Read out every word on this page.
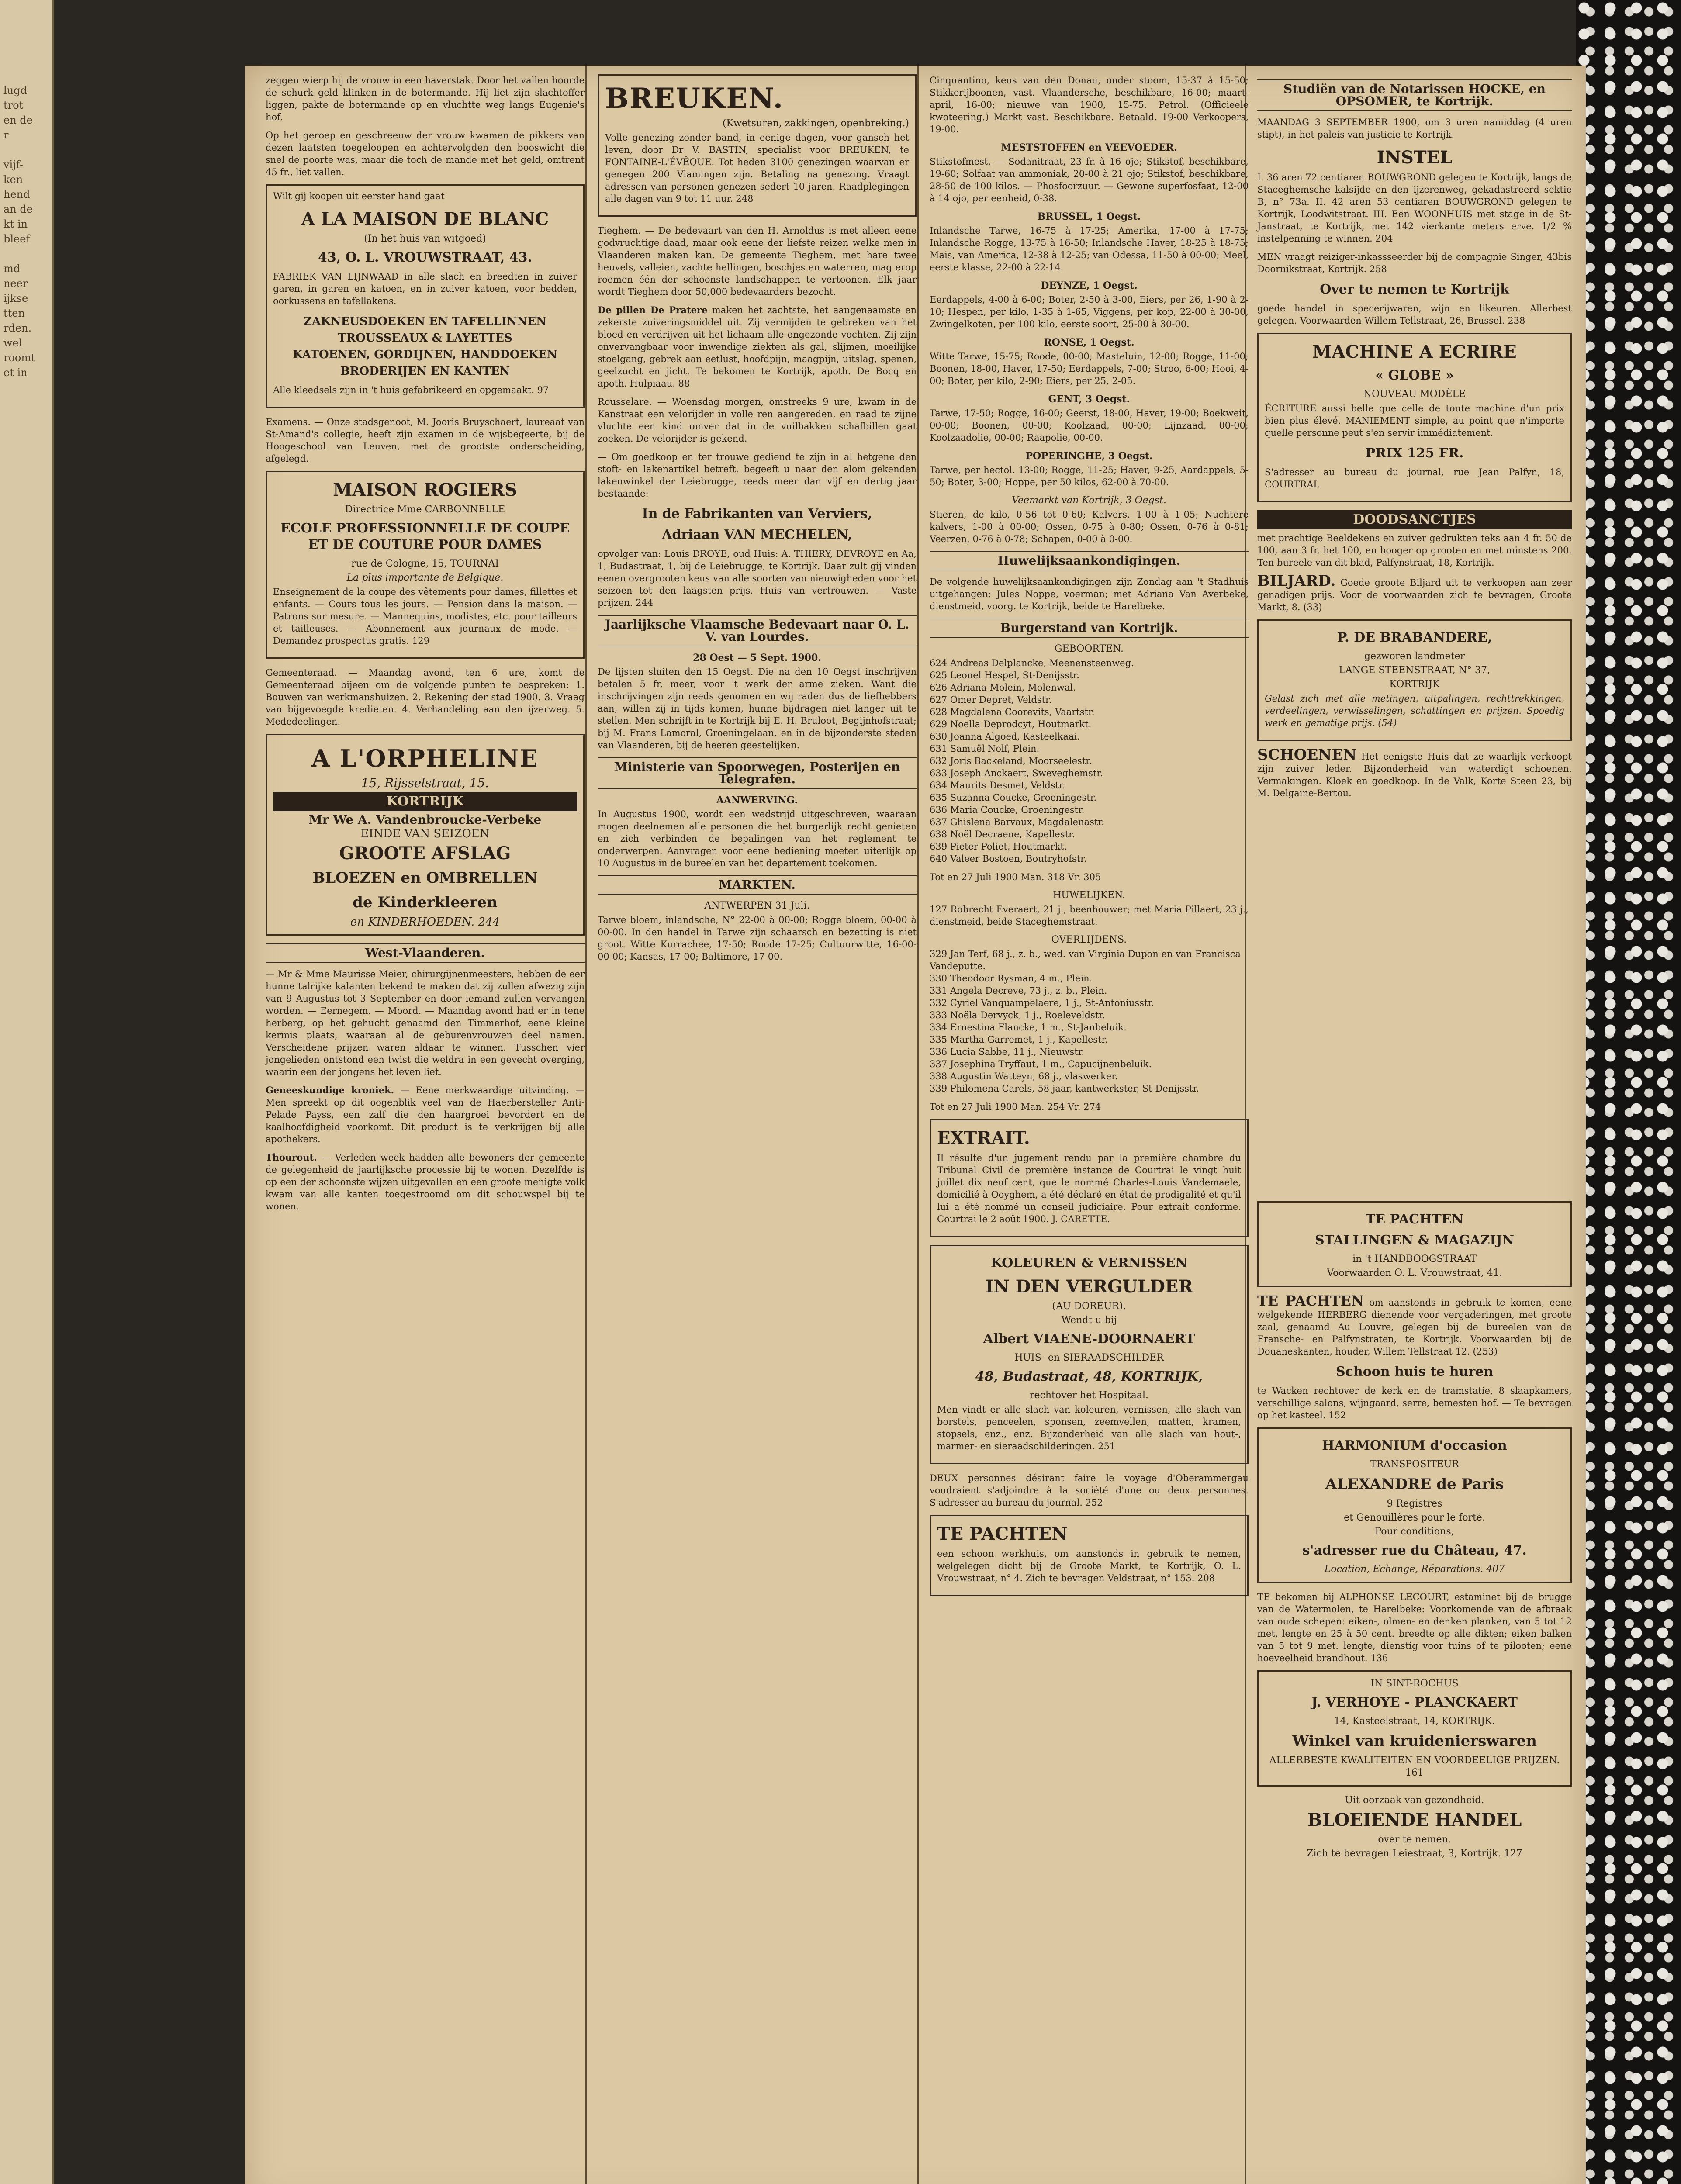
lugd
trot
en de
r

vijf-
ken
hend
an de
kt in
bleef

md
neer
ijkse
tten
rden.
wel
roomt
et in

zeggen wierp hij de vrouw in een haverstak. Door het vallen hoorde de schurk geld klinken in de botermande. Hij liet zijn slachtoffer liggen, pakte de botermande op en vluchtte weg langs Eugenie's hof.

Op het geroep en geschreeuw der vrouw kwamen de pikkers van dezen laatsten toegeloopen en achtervolgden den booswicht die snel de poorte was, maar die toch de mande met het geld, omtrent 45 fr., liet vallen.

Wilt gij koopen uit eerster hand gaat

A LA MAISON DE BLANC
(In het huis van witgoed)
43, O. L. VROUWSTRAAT, 43.

FABRIEK VAN LIJNWAAD in alle slach en breedten in zuiver garen, in garen en katoen, en in zuiver katoen, voor bedden, oorkussens en tafellakens.

ZAKNEUSDOEKEN EN TAFELLINNEN
TROUSSEAUX & LAYETTES
KATOENEN, GORDIJNEN, HANDDOEKEN
BRODERIJEN EN KANTEN

Alle kleedsels zijn in 't huis gefabrikeerd en opgemaakt. 97

Examens. — Onze stadsgenoot, M. Jooris Bruyschaert, laureaat van St-Amand's collegie, heeft zijn examen in de wijsbegeerte, bij de Hoogeschool van Leuven, met de grootste onderscheiding, afgelegd.

MAISON ROGIERS
Directrice Mme CARBONNELLE
ECOLE PROFESSIONNELLE DE COUPE ET DE COUTURE POUR DAMES
rue de Cologne, 15, TOURNAI
La plus importante de Belgique.

Enseignement de la coupe des vêtements pour dames, fillettes et enfants. — Cours tous les jours. — Pension dans la maison. — Patrons sur mesure. — Mannequins, modistes, etc. pour tailleurs et tailleuses. — Abonnement aux journaux de mode. — Demandez prospectus gratis. 129

Gemeenteraad. — Maandag avond, ten 6 ure, komt de Gemeenteraad bijeen om de volgende punten te bespreken: 1. Bouwen van werkmanshuizen. 2. Rekening der stad 1900. 3. Vraag van bijgevoegde kredieten. 4. Verhandeling aan den ijzerweg. 5. Mededeelingen.

A L'ORPHELINE
15, Rijsselstraat, 15.
KORTRIJK
Mr We A. Vandenbroucke-Verbeke
EINDE VAN SEIZOEN
GROOTE AFSLAG
BLOEZEN en OMBRELLEN
de Kinderkleeren
en KINDERHOEDEN. 244
West-Vlaanderen.

— Mr & Mme Maurisse Meier, chirurgijnenmeesters, hebben de eer hunne talrijke kalanten bekend te maken dat zij zullen afwezig zijn van 9 Augustus tot 3 September en door iemand zullen vervangen worden. — Eernegem. — Moord. — Maandag avond had er in tene herberg, op het gehucht genaamd den Timmerhof, eene kleine kermis plaats, waaraan al de geburenvrouwen deel namen. Verscheidene prijzen waren aldaar te winnen. Tusschen vier jongelieden ontstond een twist die weldra in een gevecht overging, waarin een der jongens het leven liet.

Geneeskundige kroniek. — Eene merkwaardige uitvinding. — Men spreekt op dit oogenblik veel van de Haerbersteller Anti-Pelade Payss, een zalf die den haargroei bevordert en de kaalhoofdigheid voorkomt. Dit product is te verkrijgen bij alle apothekers.

Thourout. — Verleden week hadden alle bewoners der gemeente de gelegenheid de jaarlijksche processie bij te wonen. Dezelfde is op een der schoonste wijzen uitgevallen en een groote menigte volk kwam van alle kanten toegestroomd om dit schouwspel bij te wonen.

BREUKEN.
(Kwetsuren, zakkingen, openbreking.)

Volle genezing zonder band, in eenige dagen, voor gansch het leven, door Dr V. BASTIN, specialist voor BREUKEN, te FONTAINE-L'ÉVÊQUE. Tot heden 3100 genezingen waarvan er genegen 200 Vlamingen zijn. Betaling na genezing. Vraagt adressen van personen genezen sedert 10 jaren. Raadplegingen alle dagen van 9 tot 11 uur. 248

Tieghem. — De bedevaart van den H. Arnoldus is met alleen eene godvruchtige daad, maar ook eene der liefste reizen welke men in Vlaanderen maken kan. De gemeente Tieghem, met hare twee heuvels, valleien, zachte hellingen, boschjes en waterren, mag erop roemen één der schoonste landschappen te vertoonen. Elk jaar wordt Tieghem door 50,000 bedevaarders bezocht.

De pillen De Pratere maken het zachtste, het aangenaamste en zekerste zuiveringsmiddel uit. Zij vermijden te gebreken van het bloed en verdrijven uit het lichaam alle ongezonde vochten. Zij zijn onvervangbaar voor inwendige ziekten als gal, slijmen, moeilijke stoelgang, gebrek aan eetlust, hoofdpijn, maagpijn, uitslag, spenen, geelzucht en jicht. Te bekomen te Kortrijk, apoth. De Bocq en apoth. Hulpiaau. 88

Rousselare. — Woensdag morgen, omstreeks 9 ure, kwam in de Kanstraat een velorijder in volle ren aangereden, en raad te zijne vluchte een kind omver dat in de vuilbakken schafbillen gaat zoeken. De velorijder is gekend.

— Om goedkoop en ter trouwe gediend te zijn in al hetgene den stoft- en lakenartikel betreft, begeeft u naar den alom gekenden lakenwinkel der Leiebrugge, reeds meer dan vijf en dertig jaar bestaande:

In de Fabrikanten van Verviers,
Adriaan VAN MECHELEN,

opvolger van: Louis DROYE, oud Huis: A. THIERY, DEVROYE en Aa, 1, Budastraat, 1, bij de Leiebrugge, te Kortrijk. Daar zult gij vinden eenen overgrooten keus van alle soorten van nieuwigheden voor het seizoen tot den laagsten prijs. Huis van vertrouwen. — Vaste prijzen. 244

Jaarlijksche Vlaamsche Bedevaart naar O. L. V. van Lourdes.
28 Oest — 5 Sept. 1900.

De lijsten sluiten den 15 Oegst. Die na den 10 Oegst inschrijven betalen 5 fr. meer, voor 't werk der arme zieken. Want die inschrijvingen zijn reeds genomen en wij raden dus de liefhebbers aan, willen zij in tijds komen, hunne bijdragen niet langer uit te stellen. Men schrijft in te Kortrijk bij E. H. Bruloot, Begijnhofstraat; bij M. Frans Lamoral, Groeningelaan, en in de bijzonderste steden van Vlaanderen, bij de heeren geestelijken.

Ministerie van Spoorwegen, Posterijen en Telegrafen.
AANWERVING.

In Augustus 1900, wordt een wedstrijd uitgeschreven, waaraan mogen deelnemen alle personen die het burgerlijk recht genieten en zich verbinden de bepalingen van het reglement te onderwerpen. Aanvragen voor eene bediening moeten uiterlijk op 10 Augustus in de bureelen van het departement toekomen.

MARKTEN.
ANTWERPEN 31 Juli.

Tarwe bloem, inlandsche, N° 22-00 à 00-00; Rogge bloem, 00-00 à 00-00. In den handel in Tarwe zijn schaarsch en bezetting is niet groot. Witte Kurrachee, 17-50; Roode 17-25; Cultuurwitte, 16-00-00-00; Kansas, 17-00; Baltimore, 17-00.

Cinquantino, keus van den Donau, onder stoom, 15-37 à 15-50; Stikkerijboonen, vast. Vlaandersche, beschikbare, 16-00; maart-april, 16-00; nieuwe van 1900, 15-75. Petrol. (Officieele kwoteering.) Markt vast. Beschikbare. Betaald. 19-00 Verkoopers, 19-00.

MESTSTOFFEN en VEEVOEDER.

Stikstofmest. — Sodanitraat, 23 fr. à 16 ojo; Stikstof, beschikbare, 19-60; Solfaat van ammoniak, 20-00 à 21 ojo; Stikstof, beschikbare, 28-50 de 100 kilos. — Phosfoorzuur. — Gewone superfosfaat, 12-00 à 14 ojo, per eenheid, 0-38.

BRUSSEL, 1 Oegst.

Inlandsche Tarwe, 16-75 à 17-25; Amerika, 17-00 à 17-75; Inlandsche Rogge, 13-75 à 16-50; Inlandsche Haver, 18-25 à 18-75; Mais, van America, 12-38 à 12-25; van Odessa, 11-50 à 00-00; Meel, eerste klasse, 22-00 à 22-14.

DEYNZE, 1 Oegst.

Eerdappels, 4-00 à 6-00; Boter, 2-50 à 3-00, Eiers, per 26, 1-90 à 2-10; Hespen, per kilo, 1-35 à 1-65, Viggens, per kop, 22-00 à 30-00, Zwingelkoten, per 100 kilo, eerste soort, 25-00 à 30-00.

RONSE, 1 Oegst.

Witte Tarwe, 15-75; Roode, 00-00; Masteluin, 12-00; Rogge, 11-00; Boonen, 18-00, Haver, 17-50; Eerdappels, 7-00; Stroo, 6-00; Hooi, 4-00; Boter, per kilo, 2-90; Eiers, per 25, 2-05.

GENT, 3 Oegst.

Tarwe, 17-50; Rogge, 16-00; Geerst, 18-00, Haver, 19-00; Boekweit, 00-00; Boonen, 00-00; Koolzaad, 00-00; Lijnzaad, 00-00; Koolzaadolie, 00-00; Raapolie, 00-00.

POPERINGHE, 3 Oegst.

Tarwe, per hectol. 13-00; Rogge, 11-25; Haver, 9-25, Aardappels, 5-50; Boter, 3-00; Hoppe, per 50 kilos, 62-00 à 70-00.

Veemarkt van Kortrijk, 3 Oegst.

Stieren, de kilo, 0-56 tot 0-60; Kalvers, 1-00 à 1-05; Nuchtere kalvers, 1-00 à 00-00; Ossen, 0-75 à 0-80; Ossen, 0-76 à 0-81; Veerzen, 0-76 à 0-78; Schapen, 0-00 à 0-00.

Huwelijksaankondigingen.

De volgende huwelijksaankondigingen zijn Zondag aan 't Stadhuis uitgehangen: Jules Noppe, voerman; met Adriana Van Averbeke, dienstmeid, voorg. te Kortrijk, beide te Harelbeke.

Burgerstand van Kortrijk.
GEBOORTEN.

624 Andreas Delplancke, Meenensteenweg.
625 Leonel Hespel, St-Denijsstr.
626 Adriana Molein, Molenwal.
627 Omer Depret, Veldstr.
628 Magdalena Coorevits, Vaartstr.
629 Noella Deprodcyt, Houtmarkt.
630 Joanna Algoed, Kasteelkaai.
631 Samuël Nolf, Plein.
632 Joris Backeland, Moorseelestr.
633 Joseph Anckaert, Sweveghemstr.
634 Maurits Desmet, Veldstr.
635 Suzanna Coucke, Groeningestr.
636 Maria Coucke, Groeningestr.
637 Ghislena Barvaux, Magdalenastr.
638 Noël Decraene, Kapellestr.
639 Pieter Poliet, Houtmarkt.
640 Valeer Bostoen, Boutryhofstr.

Tot en 27 Juli 1900 Man. 318 Vr. 305

HUWELIJKEN.

127 Robrecht Everaert, 21 j., beenhouwer; met Maria Pillaert, 23 j., dienstmeid, beide Staceghemstraat.

OVERLIJDENS.

329 Jan Terf, 68 j., z. b., wed. van Virginia Dupon en van Francisca Vandeputte.
330 Theodoor Rysman, 4 m., Plein.
331 Angela Decreve, 73 j., z. b., Plein.
332 Cyriel Vanquampelaere, 1 j., St-Antoniusstr.
333 Noëla Dervyck, 1 j., Roeleveldstr.
334 Ernestina Flancke, 1 m., St-Janbeluik.
335 Martha Garremet, 1 j., Kapellestr.
336 Lucia Sabbe, 11 j., Nieuwstr.
337 Josephina Tryffaut, 1 m., Capucijnenbeluik.
338 Augustin Watteyn, 68 j., vlaswerker.
339 Philomena Carels, 58 jaar, kantwerkster, St-Denijsstr.

Tot en 27 Juli 1900 Man. 254 Vr. 274

EXTRAIT.

Il résulte d'un jugement rendu par la première chambre du Tribunal Civil de première instance de Courtrai le vingt huit juillet dix neuf cent, que le nommé Charles-Louis Vandemaele, domicilié à Ooyghem, a été déclaré en état de prodigalité et qu'il lui a été nommé un conseil judiciaire. Pour extrait conforme. Courtrai le 2 août 1900. J. CARETTE.

KOLEUREN & VERNISSEN
IN DEN VERGULDER
(AU DOREUR).
Wendt u bij
Albert VIAENE-DOORNAERT
HUIS- en SIERAADSCHILDER
48, Budastraat, 48, KORTRIJK,
rechtover het Hospitaal.

Men vindt er alle slach van koleuren, vernissen, alle slach van borstels, penceelen, sponsen, zeemvellen, matten, kramen, stopsels, enz., enz. Bijzonderheid van alle slach van hout-, marmer- en sieraadschilderingen. 251

DEUX personnes désirant faire le voyage d'Oberammergau voudraient s'adjoindre à la société d'une ou deux personnes. S'adresser au bureau du journal. 252

TE PACHTEN

een schoon werkhuis, om aanstonds in gebruik te nemen, welgelegen dicht bij de Groote Markt, te Kortrijk, O. L. Vrouwstraat, n° 4. Zich te bevragen Veldstraat, n° 153. 208

Studiën van de Notarissen HOCKE, en OPSOMER, te Kortrijk.

MAANDAG 3 SEPTEMBER 1900, om 3 uren namiddag (4 uren stipt), in het paleis van justicie te Kortrijk.

INSTEL

I. 36 aren 72 centiaren BOUWGROND gelegen te Kortrijk, langs de Staceghemsche kalsijde en den ijzerenweg, gekadastreerd sektie B, n° 73a. II. 42 aren 53 centiaren BOUWGROND gelegen te Kortrijk, Loodwitstraat. III. Een WOONHUIS met stage in de St-Janstraat, te Kortrijk, met 142 vierkante meters erve. 1/2 % instelpenning te winnen. 204

MEN vraagt reiziger-inkassseerder bij de compagnie Singer, 43bis Doornikstraat, Kortrijk. 258

Over te nemen te Kortrijk

goede handel in specerijwaren, wijn en likeuren. Allerbest gelegen. Voorwaarden Willem Tellstraat, 26, Brussel. 238

MACHINE A ECRIRE
« GLOBE »
NOUVEAU MODÈLE

ÉCRITURE aussi belle que celle de toute machine d'un prix bien plus élevé. MANIEMENT simple, au point que n'importe quelle personne peut s'en servir immédiatement.

PRIX 125 FR.

S'adresser au bureau du journal, rue Jean Palfyn, 18, COURTRAI.

DOODSANCTJES

met prachtige Beeldekens en zuiver gedrukten teks aan 4 fr. 50 de 100, aan 3 fr. het 100, en hooger op grooten en met minstens 200. Ten bureele van dit blad, Palfynstraat, 18, Kortrijk.

BILJARD. Goede groote Biljard uit te verkoopen aan zeer genadigen prijs. Voor de voorwaarden zich te bevragen, Groote Markt, 8. (33)

P. DE BRABANDERE,
gezworen landmeter
LANGE STEENSTRAAT, N° 37,
KORTRIJK

Gelast zich met alle metingen, uitpalingen, rechttrekkingen, verdeelingen, verwisselingen, schattingen en prijzen. Spoedig werk en gematige prijs. (54)

SCHOENEN Het eenigste Huis dat ze waarlijk verkoopt zijn zuiver leder. Bijzonderheid van waterdigt schoenen. Vermakingen. Kloek en goedkoop. In de Valk, Korte Steen 23, bij M. Delgaine-Bertou.

TE PACHTEN
STALLINGEN & MAGAZIJN
in 't HANDBOOGSTRAAT
Voorwaarden O. L. Vrouwstraat, 41.

TE PACHTEN om aanstonds in gebruik te komen, eene welgekende HERBERG dienende voor vergaderingen, met groote zaal, genaamd Au Louvre, gelegen bij de bureelen van de Fransche- en Palfynstraten, te Kortrijk. Voorwaarden bij de Douaneskanten, houder, Willem Tellstraat 12. (253)

Schoon huis te huren

te Wacken rechtover de kerk en de tramstatie, 8 slaapkamers, verschillige salons, wijngaard, serre, bemesten hof. — Te bevragen op het kasteel. 152

HARMONIUM d'occasion
TRANSPOSITEUR
ALEXANDRE de Paris
9 Registres
et Genouillères pour le forté.
Pour conditions,
s'adresser rue du Château, 47.
Location, Echange, Réparations. 407

TE bekomen bij ALPHONSE LECOURT, estaminet bij de brugge van de Watermolen, te Harelbeke: Voorkomende van de afbraak van oude schepen: eiken-, olmen- en denken planken, van 5 tot 12 met, lengte en 25 à 50 cent. breedte op alle dikten; eiken balken van 5 tot 9 met. lengte, dienstig voor tuins of te pilooten; eene hoeveelheid brandhout. 136

IN SINT-ROCHUS
J. VERHOYE - PLANCKAERT
14, Kasteelstraat, 14, KORTRIJK.
Winkel van kruidenierswaren
ALLERBESTE KWALITEITEN EN VOORDEELIGE PRIJZEN. 161
Uit oorzaak van gezondheid.
BLOEIENDE HANDEL
over te nemen.
Zich te bevragen Leiestraat, 3, Kortrijk. 127
